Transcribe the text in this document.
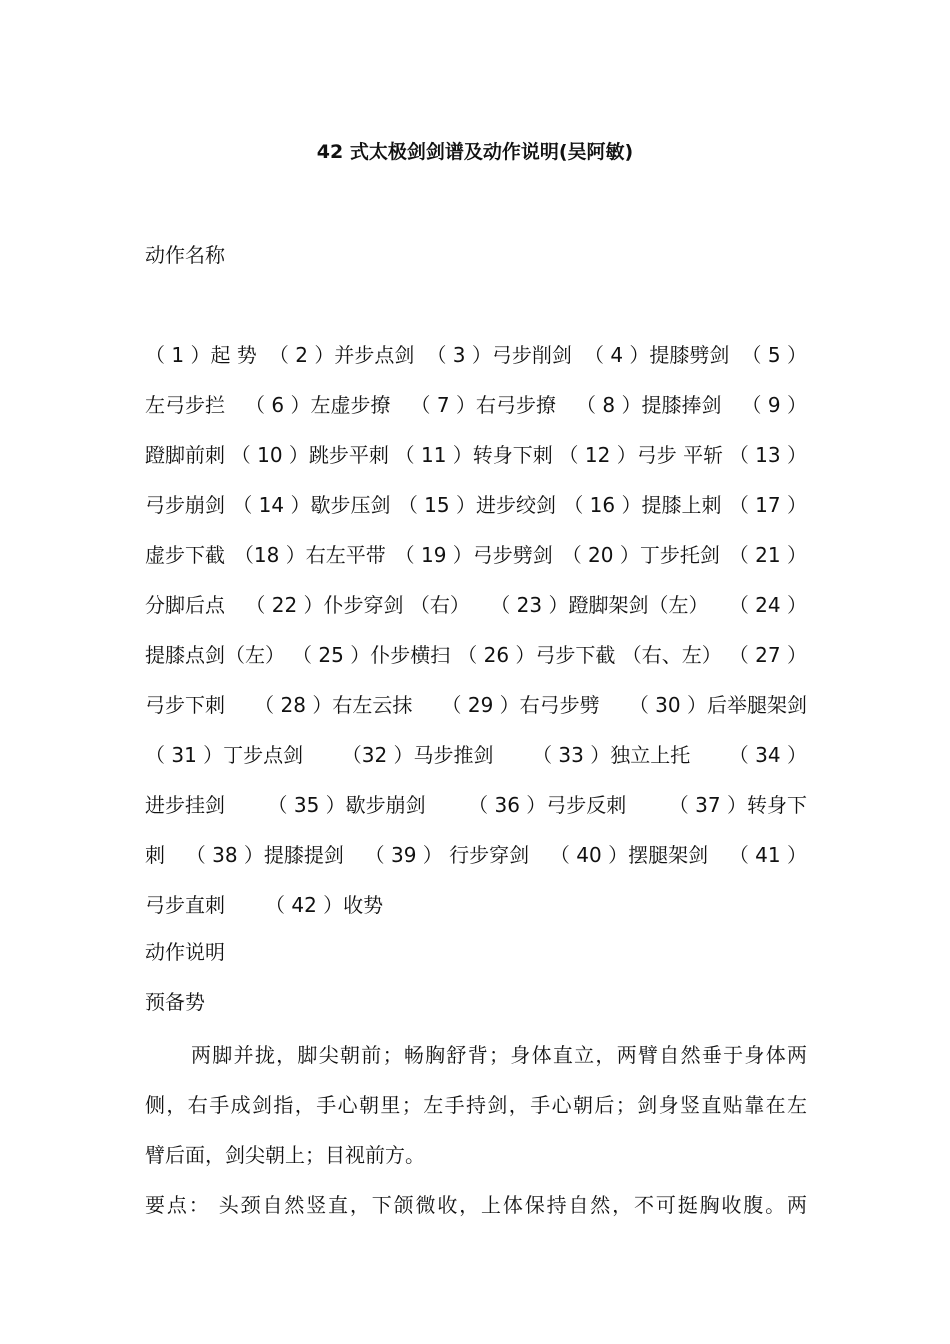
42 式太极剑剑谱及动作说明(吴阿敏)
动作名称
（ 1 ）起 势 （ 2 ）并步点剑 （ 3 ）弓步削剑 （ 4 ）提膝劈剑 （ 5 ）
左弓步拦 （ 6 ）左虚步撩 （ 7 ）右弓步撩 （ 8 ）提膝捧剑 （ 9 ）
蹬脚前刺 （ 10 ）跳步平刺 （ 11 ）转身下刺 （ 12 ）弓步 平斩 （ 13 ）
弓步崩剑 （ 14 ）歇步压剑 （ 15 ）进步绞剑 （ 16 ）提膝上刺 （ 17 ）
虚步下截 （18 ）右左平带 （ 19 ）弓步劈剑 （ 20 ）丁步托剑 （ 21 ）
分脚后点 （ 22 ）仆步穿剑 （右） （ 23 ）蹬脚架剑（左） （ 24 ）
提膝点剑（左） （ 25 ）仆步横扫 （ 26 ）弓步下截 （右、左） （ 27 ）
弓步下刺 （ 28 ）右左云抹 （ 29 ）右弓步劈 （ 30 ）后举腿架剑
（ 31 ）丁步点剑 （32 ）马步推剑 （ 33 ）独立上托 （ 34 ）
进步挂剑 （ 35 ）歇步崩剑 （ 36 ）弓步反刺 （ 37 ）转身下
刺 （ 38 ）提膝提剑 （ 39 ） 行步穿剑 （ 40 ）摆腿架剑 （ 41 ）
弓步直刺 （ 42 ）收势
动作说明
预备势
两脚并拢，脚尖朝前；畅胸舒背；身体直立，两臂自然垂于身体两
侧，右手成剑指，手心朝里；左手持剑，手心朝后；剑身竖直贴靠在左
臂后面，剑尖朝上；目视前方。
要点： 头颈自然竖直，下颌微收，上体保持自然，不可挺胸收腹。两
